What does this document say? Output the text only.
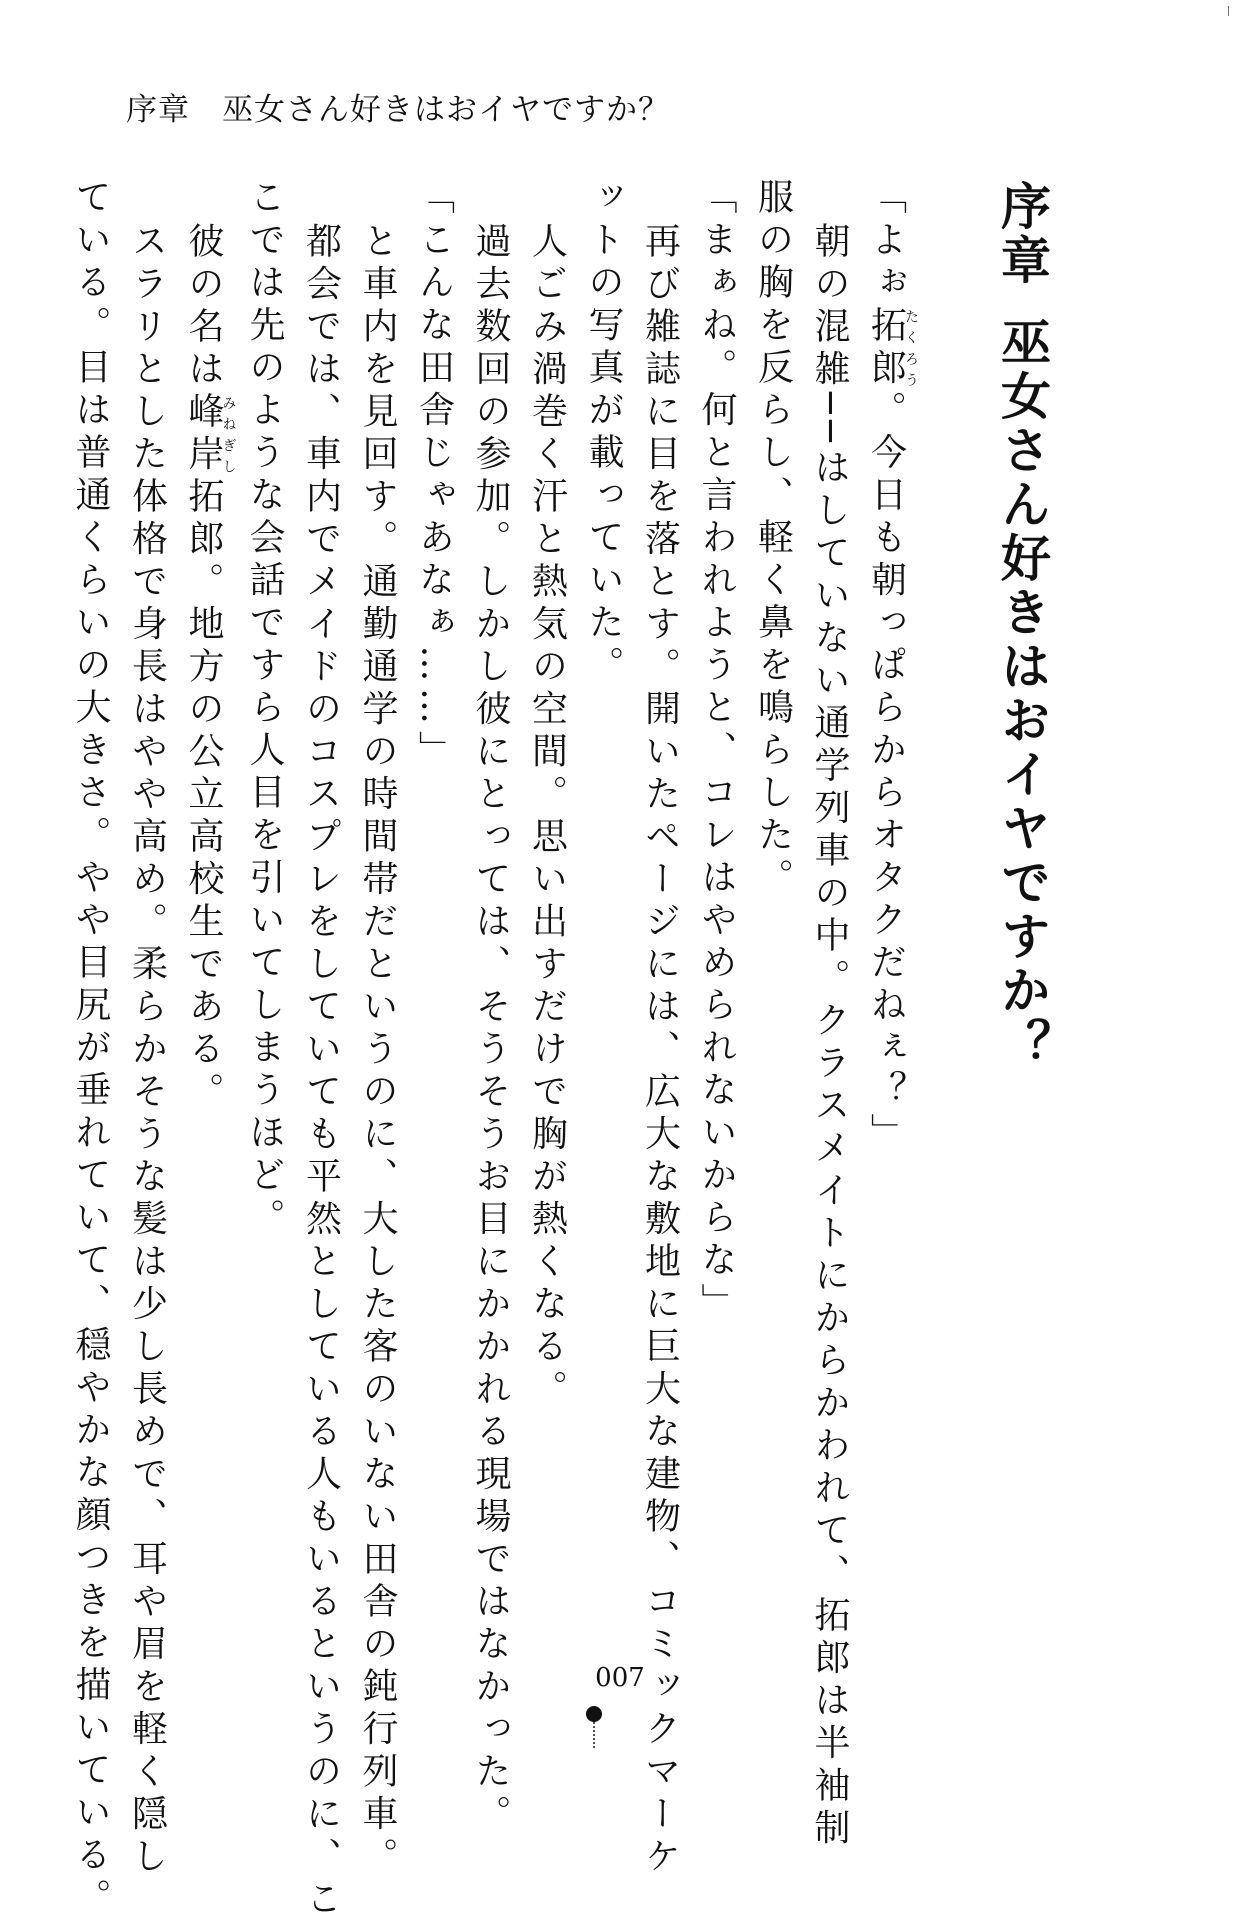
序章　巫女さん好きはおイヤですか？
序章巫女さん好きはおイヤですか？

「よぉ拓郎たくろう。今日も朝っぱらからオタクだねぇ？」

朝の混雑──はしていない通学列車の中。クラスメイトにからかわれて、拓郎は半袖制

服の胸を反らし、軽く鼻を鳴らした。

「まぁね。何と言われようと、コレはやめられないからな」

再び雑誌に目を落とす。開いたページには、広大な敷地に巨大な建物、コミックマーケ

ットの写真が載っていた。

人ごみ渦巻く汗と熱気の空間。思い出すだけで胸が熱くなる。

過去数回の参加。しかし彼にとっては、そうそうお目にかかれる現場ではなかった。

「こんな田舎じゃあなぁ……」

と車内を見回す。通勤通学の時間帯だというのに、大した客のいない田舎の鈍行列車。

都会では、車内でメイドのコスプレをしていても平然としている人もいるというのに、こ

こでは先のような会話ですら人目を引いてしまうほど。

彼の名は峰岸みねぎし拓郎。地方の公立高校生である。

スラリとした体格で身長はやや高め。柔らかそうな髪は少し長めで、耳や眉を軽く隠し

ている。目は普通くらいの大きさ。やや目尻が垂れていて、穏やかな顔つきを描いている。	007
